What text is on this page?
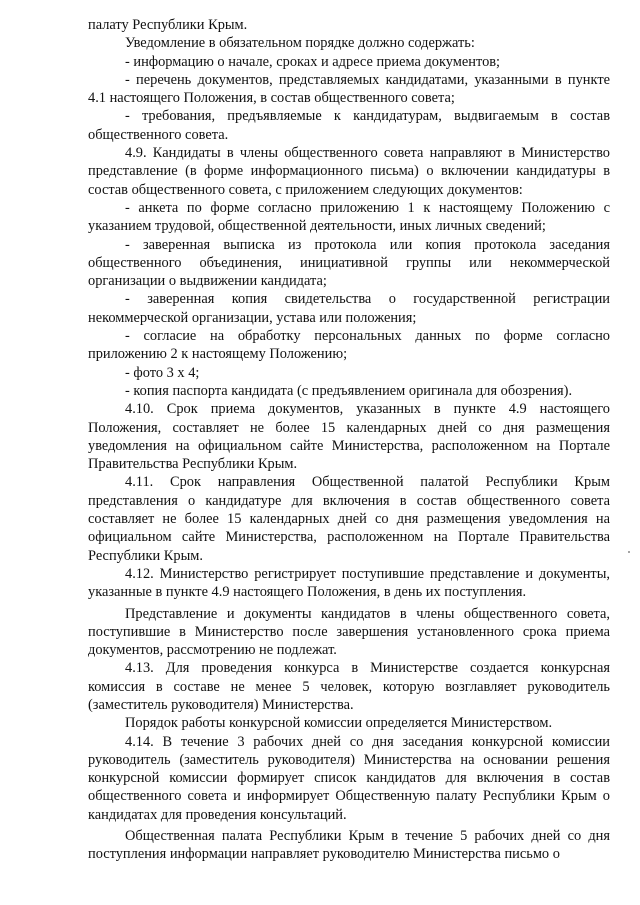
палату Республики Крым.

Уведомление в обязательном порядке должно содержать:

- информацию о начале, сроках и адресе приема документов;

- перечень документов, представляемых кандидатами, указанными в пункте 4.1 настоящего Положения, в состав общественного совета;

- требования, предъявляемые к кандидатурам, выдвигаемым в состав общественного совета.

4.9. Кандидаты в члены общественного совета направляют в Министерство представление (в форме информационного письма) о включении кандидатуры в состав общественного совета, с приложением следующих документов:

- анкета по форме согласно приложению 1 к настоящему Положению с указанием трудовой, общественной деятельности, иных личных сведений;

- заверенная выписка из протокола или копия протокола заседания общественного объединения, инициативной группы или некоммерческой организации о выдвижении кандидата;

- заверенная копия свидетельства о государственной регистрации некоммерческой организации, устава или положения;

- согласие на обработку персональных данных по форме согласно приложению 2 к настоящему Положению;

- фото 3 х 4;

- копия паспорта кандидата (с предъявлением оригинала для обозрения).

4.10. Срок приема документов, указанных в пункте 4.9 настоящего Положения, составляет не более 15 календарных дней со дня размещения уведомления на официальном сайте Министерства, расположенном на Портале Правительства Республики Крым.

4.11. Срок направления Общественной палатой Республики Крым представления о кандидатуре для включения в состав общественного совета составляет не более 15 календарных дней со дня размещения уведомления на официальном сайте Министерства, расположенном на Портале Правительства Республики Крым.

4.12. Министерство регистрирует поступившие представление и документы, указанные в пункте 4.9 настоящего Положения, в день их поступления.

Представление и документы кандидатов в члены общественного совета, поступившие в Министерство после завершения установленного срока приема документов, рассмотрению не подлежат.

4.13. Для проведения конкурса в Министерстве создается конкурсная комиссия в составе не менее 5 человек, которую возглавляет руководитель (заместитель руководителя) Министерства.

Порядок работы конкурсной комиссии определяется Министерством.

4.14. В течение 3 рабочих дней со дня заседания конкурсной комиссии руководитель (заместитель руководителя) Министерства на основании решения конкурсной комиссии формирует список кандидатов для включения в состав общественного совета и информирует Общественную палату Республики Крым о кандидатах для проведения консультаций.

Общественная палата Республики Крым в течение 5 рабочих дней со дня поступления информации направляет руководителю Министерства письмо о
